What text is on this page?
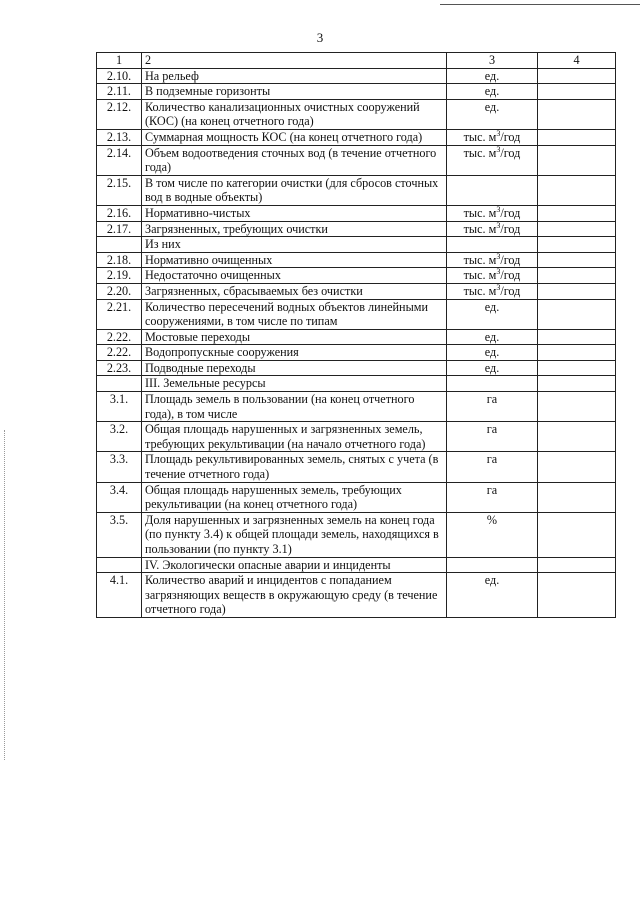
3
1	2	3	4
2.10.	На рельеф	ед.	
2.11.	В подземные горизонты	ед.	
2.12.	Количество канализационных очистных сооружений (КОС) (на конец отчетного года)	ед.	
2.13.	Суммарная мощность КОС (на конец отчетного года)	тыс. $м^3$/год	
2.14.	Объем водоотведения сточных вод (в течение отчетного года)	тыс. $м^3$/год	
2.15.	В том числе по категории очистки (для сбросов сточных вод в водные объекты)		
2.16.	Нормативно-чистых	тыс. $м^3$/год	
2.17.	Загрязненных, требующих очистки	тыс. $м^3$/год	
	Из них		
2.18.	Нормативно очищенных	тыс. $м^3$/год	
2.19.	Недостаточно очищенных	тыс. $м^3$/год	
2.20.	Загрязненных, сбрасываемых без очистки	тыс. $м^3$/год	
2.21.	Количество пересечений водных объектов линейными сооружениями, в том числе по типам	ед.	
2.22.	Мостовые переходы	ед.	
2.22.	Водопропускные сооружения	ед.	
2.23.	Подводные переходы	ед.	
	III. Земельные ресурсы		
3.1.	Площадь земель в пользовании (на конец отчетного года), в том числе	га	
3.2.	Общая площадь нарушенных и загрязненных земель, требующих рекультивации (на начало отчетного года)	га	
3.3.	Площадь рекультивированных земель, снятых с учета (в течение отчетного года)	га	
3.4.	Общая площадь нарушенных земель, требующих рекультивации (на конец отчетного года)	га	
3.5.	Доля нарушенных и загрязненных земель на конец года (по пункту 3.4) к общей площади земель, находящихся в пользовании (по пункту 3.1)	%	
	IV. Экологически опасные аварии и инциденты		
4.1.	Количество аварий и инцидентов с попаданием загрязняющих веществ в окружающую среду (в течение отчетного года)	ед.	
